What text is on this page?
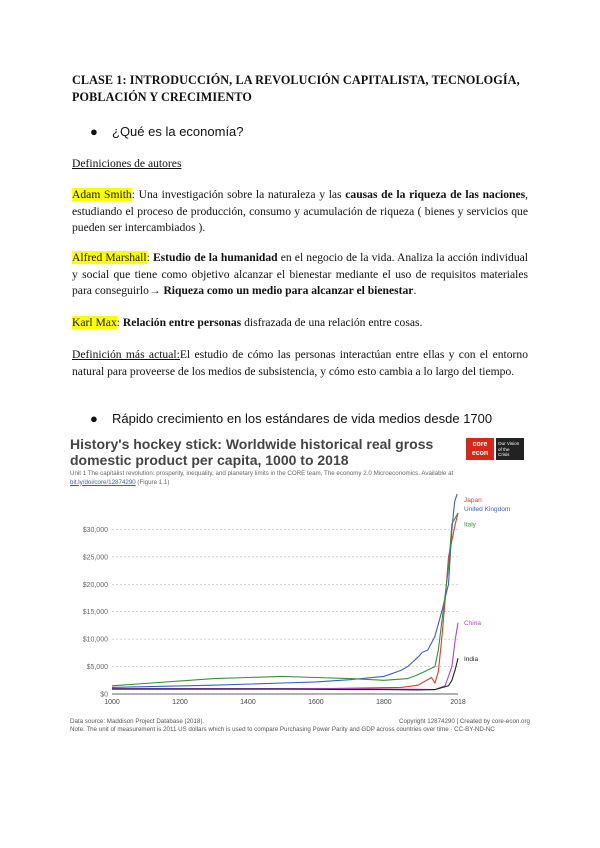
CLASE 1: INTRODUCCIÓN, LA REVOLUCIÓN CAPITALISTA, TECNOLOGÍA, POBLACIÓN Y CRECIMIENTO
● ¿Qué es la economía?
Definiciones de autores

Adam Smith: Una investigación sobre la naturaleza y las causas de la riqueza de las naciones, estudiando el proceso de producción, consumo y acumulación de riqueza ( bienes y servicios que pueden ser intercambiados ).

Alfred Marshall: Estudio de la humanidad en el negocio de la vida. Analiza la acción individual y social que tiene como objetivo alcanzar el bienestar mediante el uso de requisitos materiales para conseguirlo→ Riqueza como un medio para alcanzar el bienestar.

Karl Max: Relación entre personas disfrazada de una relación entre cosas.

Definición más actual:El estudio de cómo las personas interactúan entre ellas y con el entorno natural para proveerse de los medios de subsistencia, y cómo esto cambia a lo largo del tiempo.

● Rápido crecimiento en los estándares de vida medios desde 1700
History's hockey stick: Worldwide historical real gross domestic product per capita, 1000 to 2018
Unit 1 The capitalist revolution: prosperity, inequality, and planetary limits in the CORE team, The economy 2.0 Microeconomics. Available at bit.ly/doi/core/12874290 (Figure 1.1)
core
econ
Our Vision of the Crisis
$0
$5,000
$10,000
$15,000
$20,000
$25,000
$30,000
1000	1200	1400	1600	1800	2018
Japan
United Kingdom
Italy
China
India
Data source: Maddison Project Database (2018).	Copyright 12874290 | Created by core-econ.org
Note: The unit of measurement is 2011 US dollars which is used to compare Purchasing Power Parity and GDP across countries over time · CC-BY-ND-NC
